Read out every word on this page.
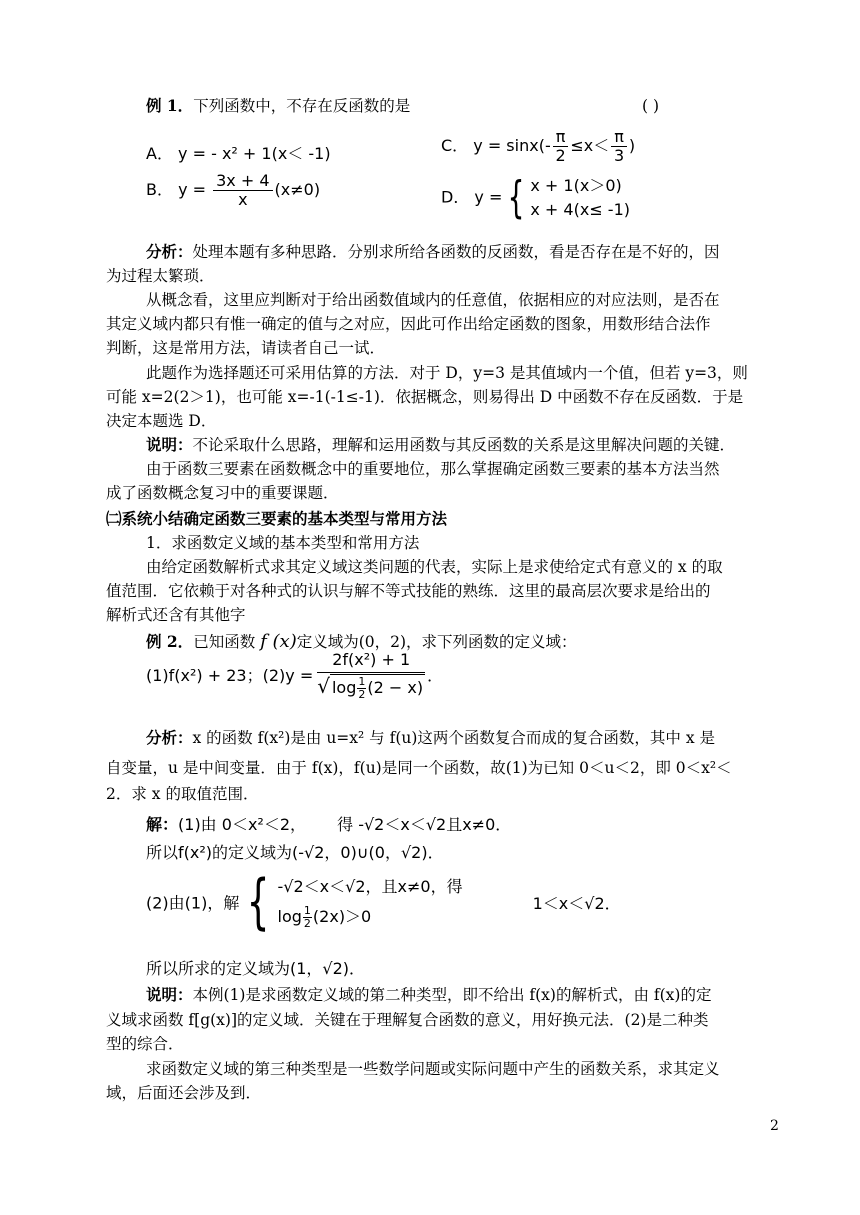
例 1．下列函数中，不存在反函数的是	( )
A． y = - x² + 1(x＜ -1)	C． $y = \sin x(- \frac{\pi}{2} \le x< \frac{\pi}{3}$ )
B． $y = \frac{3x + 4}{x} (x\ne 0)$	D． y = { x + 1(x＞0)
x + 4(x≤ -1)
分析：处理本题有多种思路．分别求所给各函数的反函数，看是否存在是不好的，因
为过程太繁琐．
从概念看，这里应判断对于给出函数值域内的任意值，依据相应的对应法则，是否在
其定义域内都只有惟一确定的值与之对应，因此可作出给定函数的图象，用数形结合法作
判断，这是常用方法，请读者自己一试．
此题作为选择题还可采用估算的方法．对于 D，y=3 是其值域内一个值，但若 y=3，则
可能 x=2(2＞1)，也可能 x=-1(-1≤-1)．依据概念，则易得出 D 中函数不存在反函数．于是
决定本题选 D．
说明：不论采取什么思路，理解和运用函数与其反函数的关系是这里解决问题的关键．
由于函数三要素在函数概念中的重要地位，那么掌握确定函数三要素的基本方法当然
成了函数概念复习中的重要课题．
㈡系统小结确定函数三要素的基本类型与常用方法
1．求函数定义域的基本类型和常用方法
由给定函数解析式求其定义域这类问题的代表，实际上是求使给定式有意义的 x 的取
值范围．它依赖于对各种式的认识与解不等式技能的熟练．这里的最高层次要求是给出的
解析式还含有其他字
例 2．已知函数 f (x)定义域为(0，2)，求下列函数的定义域：
(1)f(x²) + 23；$(2)y = \frac{\text{2f(x²) + 1}}{√ \log \frac{1}{2} (2 - x)}$ ．
分析：x 的函数 f(x²)是由 u=x² 与 f(u)这两个函数复合而成的复合函数，其中 x 是
自变量，u 是中间变量．由于 f(x)，f(u)是同一个函数，故(1)为已知 0＜u＜2，即 0＜x²＜
2．求 x 的取值范围．
解：(1)由 0＜x²＜2， 得 -√2＜x＜√2且x≠0．
所以f(x²)的定义域为(-√2，0)∪(0，√2)．
(2)由(1)，解 { -√2＜x＜√2，且x≠0，得
$\log \frac{1}{2} (2x)>0$
1＜x＜√2．
所以所求的定义域为(1，√2)．
说明：本例(1)是求函数定义域的第二种类型，即不给出 f(x)的解析式，由 f(x)的定
义域求函数 f[g(x)]的定义域．关键在于理解复合函数的意义，用好换元法．(2)是二种类
型的综合．
求函数定义域的第三种类型是一些数学问题或实际问题中产生的函数关系，求其定义
域，后面还会涉及到．
2
